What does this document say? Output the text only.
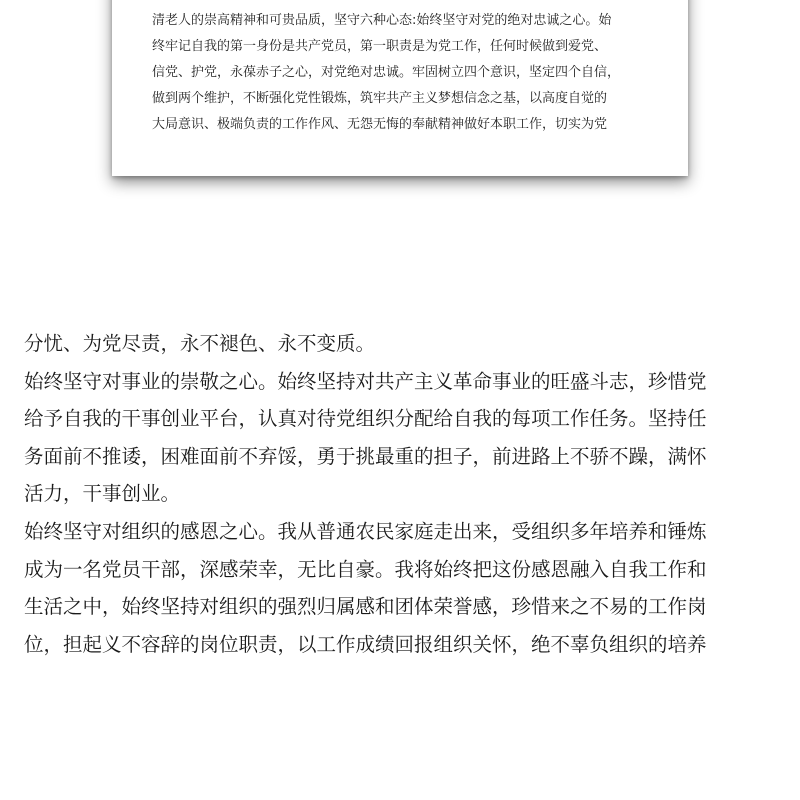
清老人的崇高精神和可贵品质，坚守六种心态:始终坚守对党的绝对忠诚之心。始
终牢记自我的第一身份是共产党员，第一职责是为党工作，任何时候做到爱党、
信党、护党，永葆赤子之心，对党绝对忠诚。牢固树立四个意识，坚定四个自信，
做到两个维护，不断强化党性锻炼，筑牢共产主义梦想信念之基，以高度自觉的
大局意识、极端负责的工作作风、无怨无悔的奉献精神做好本职工作，切实为党
分忧、为党尽责，永不褪色、永不变质。
始终坚守对事业的崇敬之心。始终坚持对共产主义革命事业的旺盛斗志，珍惜党
给予自我的干事创业平台，认真对待党组织分配给自我的每项工作任务。坚持任
务面前不推诿，困难面前不弃馁，勇于挑最重的担子，前进路上不骄不躁，满怀
活力，干事创业。
始终坚守对组织的感恩之心。我从普通农民家庭走出来，受组织多年培养和锤炼
成为一名党员干部，深感荣幸，无比自豪。我将始终把这份感恩融入自我工作和
生活之中，始终坚持对组织的强烈归属感和团体荣誉感，珍惜来之不易的工作岗
位，担起义不容辞的岗位职责，以工作成绩回报组织关怀，绝不辜负组织的培养
